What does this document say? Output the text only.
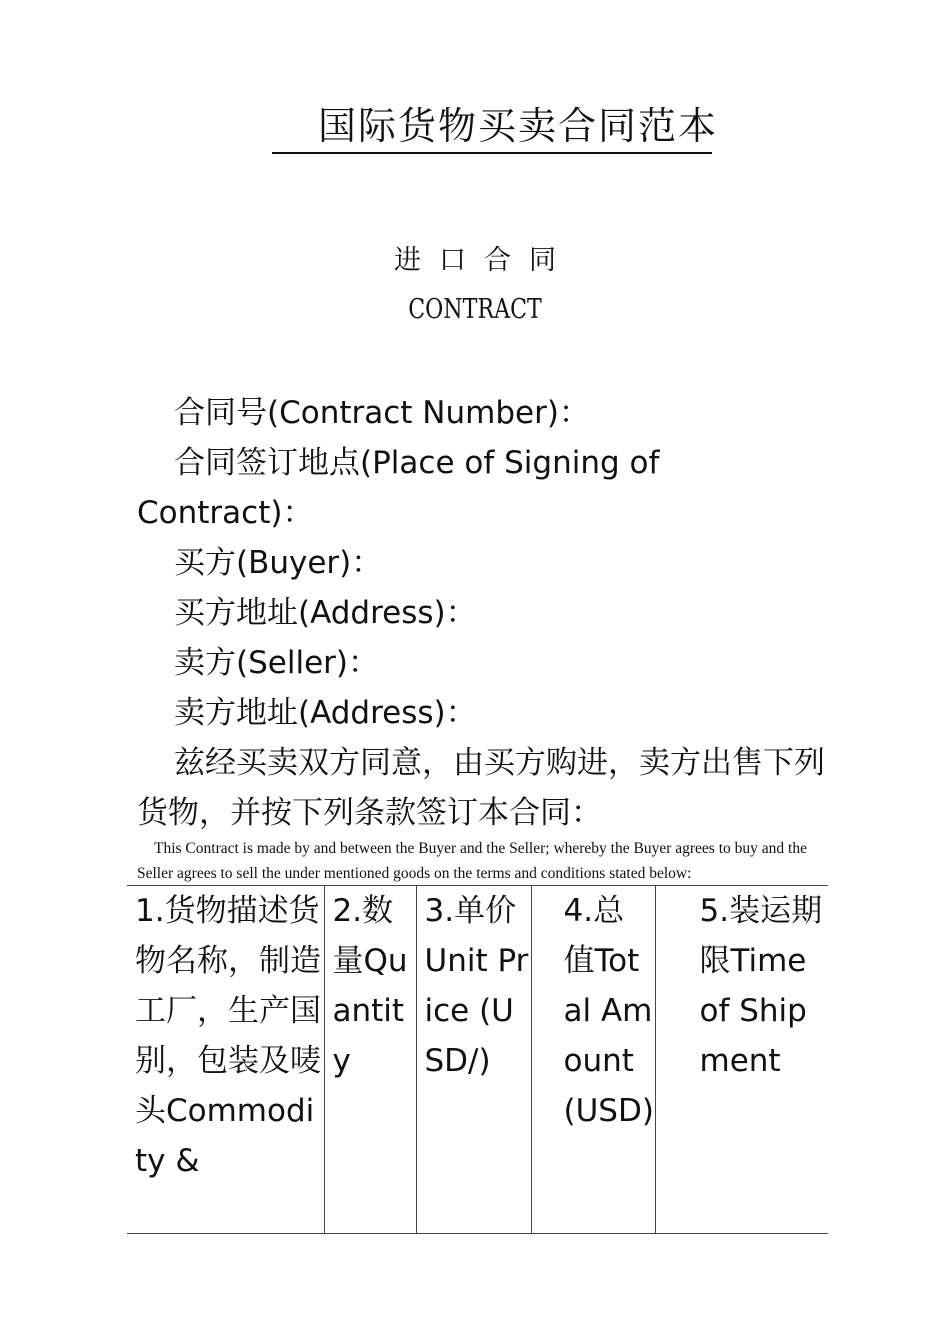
国际货物买卖合同范本
进口合同
CONTRACT

合同号(Contract Number)：

合同签订地点(Place of Signing of Contract)：

买方(Buyer)：

买方地址(Address)：

卖方(Seller)：

卖方地址(Address)：

兹经买卖双方同意，由买方购进，卖方出售下列货物，并按下列条款签订本合同：

This Contract is made by and between the Buyer and the Seller; whereby the Buyer agrees to buy and the Seller agrees to sell the under mentioned goods on the terms and conditions stated below:
1.货物描述货物名称，制造工厂，生产国别，包装及唛头Commodity &	2.数量Quantity	3.单价Unit Price (USD/)	4.总值Total Amount (USD)	5.装运期限Time of Shipment
